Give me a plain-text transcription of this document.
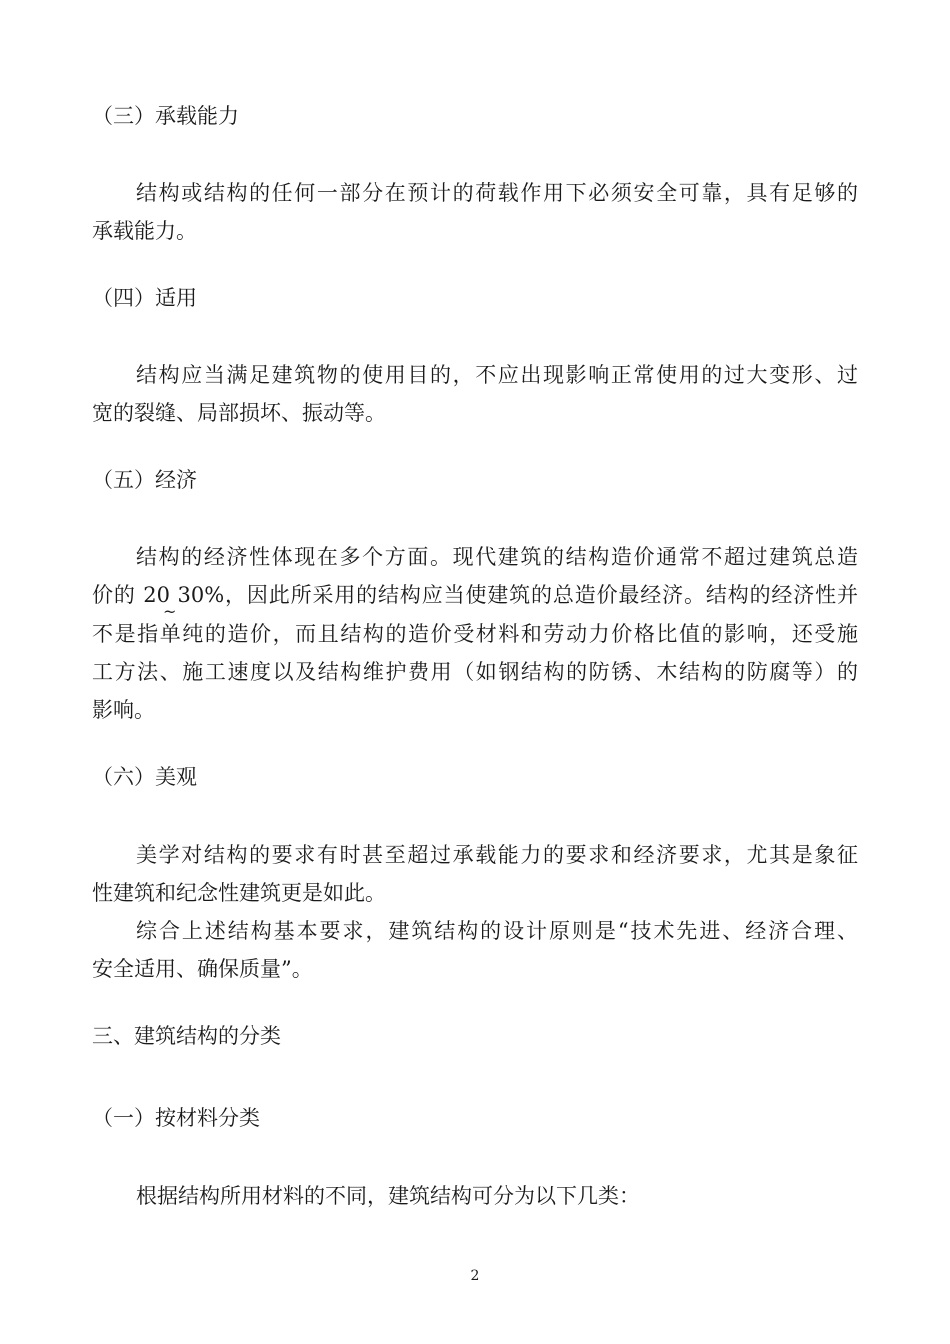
（三）承载能力

结构或结构的任何一部分在预计的荷载作用下必须安全可靠，具有足够的

承载能力。

（四）适用

结构应当满足建筑物的使用目的，不应出现影响正常使用的过大变形、过

宽的裂缝、局部损坏、振动等。

（五）经济

结构的经济性体现在多个方面。现代建筑的结构造价通常不超过建筑总造

价的 20 30%，因此所采用的结构应当使建筑的总造价最经济。结构的经济性并

~

不是指单纯的造价，而且结构的造价受材料和劳动力价格比值的影响，还受施

工方法、施工速度以及结构维护费用（如钢结构的防锈、木结构的防腐等）的

影响。

（六）美观

美学对结构的要求有时甚至超过承载能力的要求和经济要求，尤其是象征

性建筑和纪念性建筑更是如此。

综合上述结构基本要求，建筑结构的设计原则是“技术先进、经济合理、

安全适用、确保质量”。

三、建筑结构的分类

（一）按材料分类

根据结构所用材料的不同，建筑结构可分为以下几类：

2
